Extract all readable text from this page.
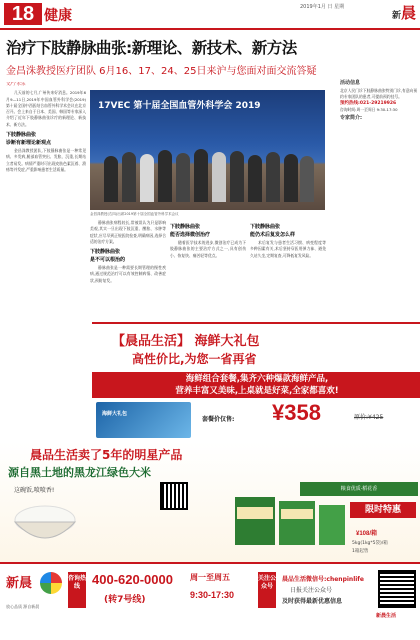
18 健康
2019年1月 日 星期
新晨
治疗下肢静脉曲张:新理论、新技术、新方法
金昌洙教授医疗团队 6月16、17、24、25日来沪与您面对面交流答疑
文/宁永乐

几天前的七月,广州传来好消息。2019年6月9—11日,2019年中国血管外科学会(2019)第十届全国中西医结合血管外科学术会议在北京召开。会上来自于日本、美国、韩国等专家深入介绍了近年下肢静脉曲张诊疗的新理论、新技术、新方法。

下肢静脉曲张
诊断有新理论新观点

金昌洙教授团队,下肢静脉曲张是一种常见病、多发病,腿部血管突出、发胀、沉重,长期站立者易发。病情严重时可出现皮肤色素沉着、溃疡等并发症,严重影响患者生活质量。

17VEC 第十届全国血管外科学会 2019
金昌洙教授(右四)出席2019第十届全国血管外科学术会议

静脉曲张病程较长,常被误认为只是影响美观,其实一旦出现下肢沉重、酸胀、水肿等症状,应尽早到正规医院检查,明确病因,选择合适的治疗方案。

下肢静脉曲张
是不可以根治的

静脉曲张是一种需要长期管理的慢性疾病,通过规范治疗可以有效控制病情、改善症状,预防复发。

下肢静脉曲张
能否选择微创治疗

随着医学技术的进步,微创治疗已成为下肢静脉曲张的主要治疗方式之一,具有创伤小、恢复快、痛苦轻等优点。

下肢静脉曲张
能仍术后复发怎么样

术后复发与患者生活习惯、病变程度等多种因素有关,术后坚持穿医用弹力袜、避免久站久坐,定期复查,可降低复发风险。

活动信息

北京人民门诊下肢静脉曲张特别门诊,有意向预约专家团队的患者,可提前预约挂号。

预约热线:021-29219926

咨询时间:周一至周日 9:30-17:30

专家简介:

【晨品生活】 海鲜大礼包
高性价比,为您一省再省
海鲜组合套餐,集齐六种爆款海鲜产品,
营养丰富又美味,上桌就是好菜,全家都喜欢!
海鲜大礼包
套餐价仅售: ¥358	原价:¥425
晨品生活卖了5年的明星产品
源自黑土地的黑龙江绿色大米
这碗饭,喷喷香!	粮食优质·稻花香
限时特惠
¥108/箱
5kg(1kg*5袋)/箱
1箱起售
新晨
放心品质 源自新晨
咨询热线 400-620-0000 周一至周五
(转7号线)	9:30-17:30
关注公众号
晨品生活微信号:chenpinlife
日报关注公众号
及时获得最新优惠信息
新晨生活
